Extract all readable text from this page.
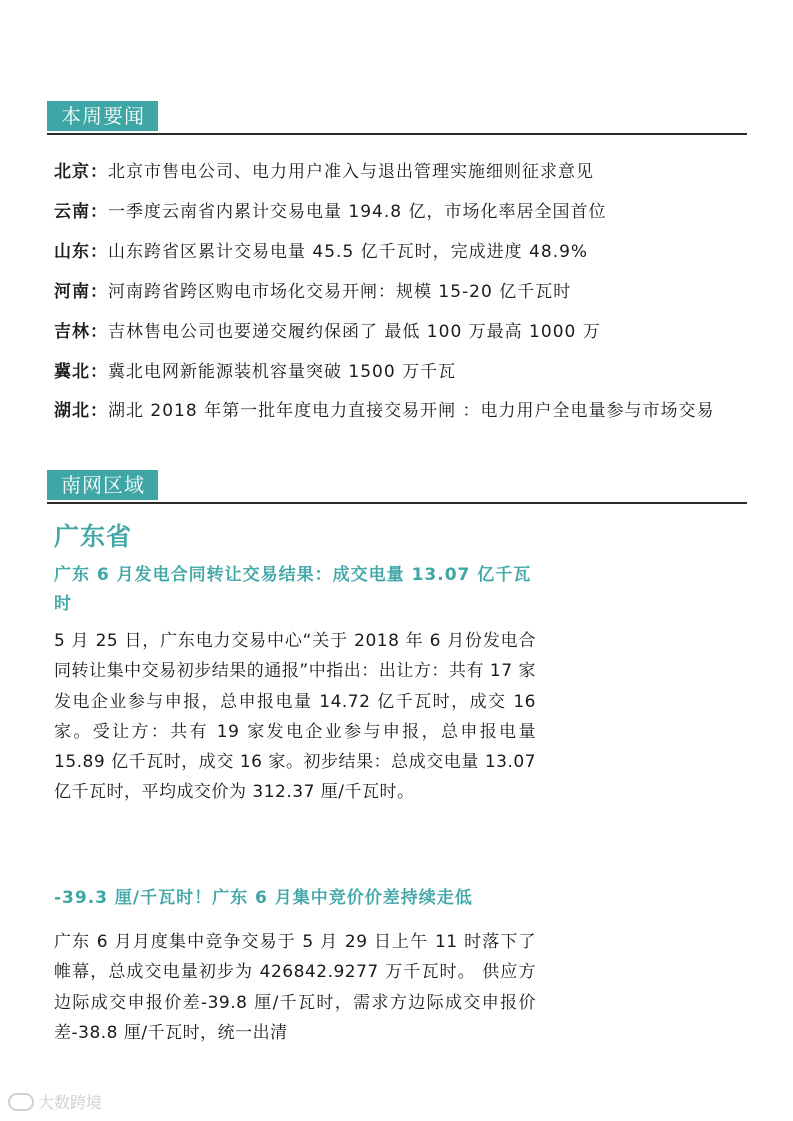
本周要闻
北京：北京市售电公司、电力用户准入与退出管理实施细则征求意见
云南：一季度云南省内累计交易电量 194.8 亿，市场化率居全国首位
山东：山东跨省区累计交易电量 45.5 亿千瓦时，完成进度 48.9%
河南：河南跨省跨区购电市场化交易开闸：规模 15-20 亿千瓦时
吉林：吉林售电公司也要递交履约保函了 最低 100 万最高 1000 万
冀北：冀北电网新能源装机容量突破 1500 万千瓦
湖北：湖北 2018 年第一批年度电力直接交易开闸 ：电力用户全电量参与市场交易
南网区域
广东省
广东 6 月发电合同转让交易结果：成交电量 13.07 亿千瓦时

5 月 25 日，广东电力交易中心“关于 2018 年 6 月份发电合同转让集中交易初步结果的通报”中指出：出让方：共有 17 家发电企业参与申报，总申报电量 14.72 亿千瓦时，成交 16 家。受让方：共有 19 家发电企业参与申报，总申报电量 15.89 亿千瓦时，成交 16 家。初步结果：总成交电量 13.07 亿千瓦时，平均成交价为 312.37 厘/千瓦时。

-39.3 厘/千瓦时！广东 6 月集中竞价价差持续走低

广东 6 月月度集中竞争交易于 5 月 29 日上午 11 时落下了帷幕，总成交电量初步为 426842.9277 万千瓦时。 供应方边际成交申报价差-39.8 厘/千瓦时，需求方边际成交申报价差-38.8 厘/千瓦时，统一出清

大数跨境
